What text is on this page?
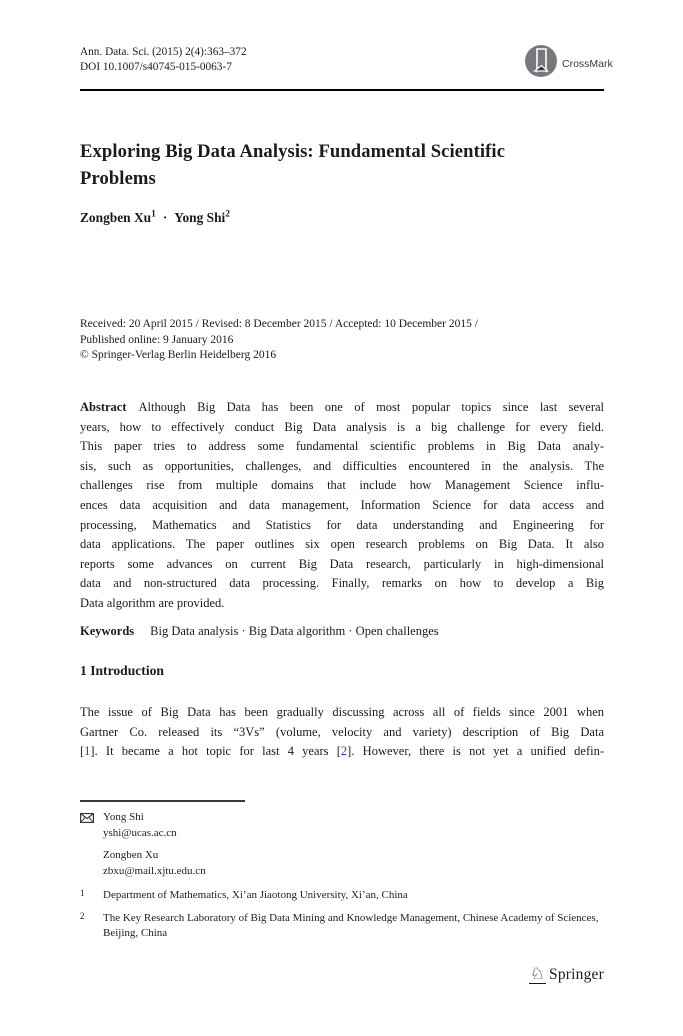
Ann. Data. Sci. (2015) 2(4):363–372
DOI 10.1007/s40745-015-0063-7	CrossMark
Exploring Big Data Analysis: Fundamental Scientific
Problems
Zongben $Xu^1$ · Yong Shi$^2$
Received: 20 April 2015 / Revised: 8 December 2015 / Accepted: 10 December 2015 /
Published online: 9 January 2016
© Springer-Verlag Berlin Heidelberg 2016
Abstract Although Big Data has been one of most popular topics since last several
years, how to effectively conduct Big Data analysis is a big challenge for every field.
This paper tries to address some fundamental scientific problems in Big Data analy-
sis, such as opportunities, challenges, and difficulties encountered in the analysis. The
challenges rise from multiple domains that include how Management Science influ-
ences data acquisition and data management, Information Science for data access and
processing, Mathematics and Statistics for data understanding and Engineering for
data applications. The paper outlines six open research problems on Big Data. It also
reports some advances on current Big Data research, particularly in high-dimensional
data and non-structured data processing. Finally, remarks on how to develop a Big
Data algorithm are provided.
Keywords Big Data analysis · Big Data algorithm · Open challenges
1 Introduction
The issue of Big Data has been gradually discussing across all of fields since 2001 when
Gartner Co. released its “3Vs” (volume, velocity and variety) description of Big Data
[1]. It became a hot topic for last 4 years [2]. However, there is not yet a unified defin-
Yong Shi
yshi@ucas.ac.cn
Zongben Xu
zbxu@mail.xjtu.edu.cn
1	Department of Mathematics, Xi’an Jiaotong University, Xi’an, China
2	The Key Research Laboratory of Big Data Mining and Knowledge Management, Chinese Academy of Sciences, Beijing, China
♘ Springer
